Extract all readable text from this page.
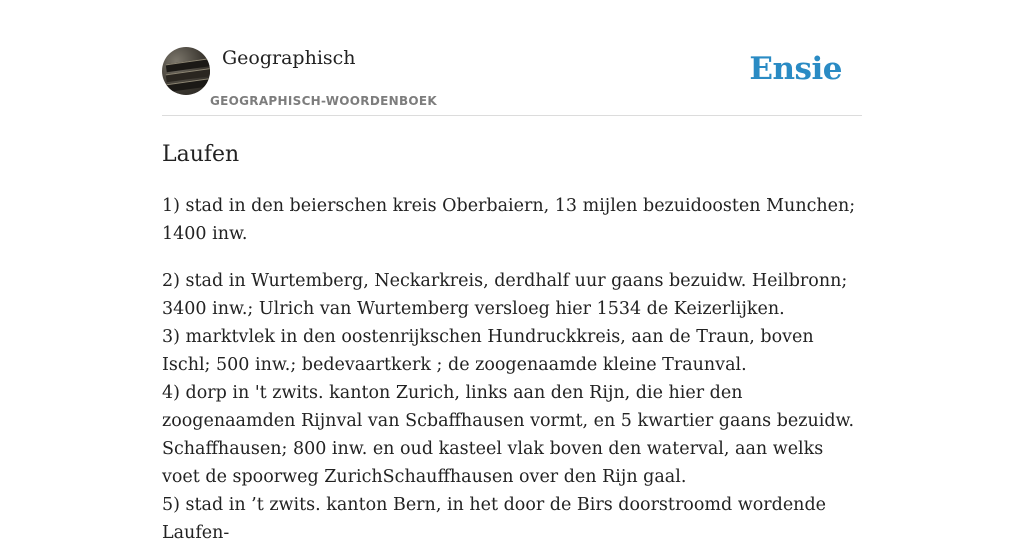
Geographisch
GEOGRAPHISCH-WOORDENBOEK
Ensie
Laufen

1) stad in den beierschen kreis Oberbaiern, 13 mijlen bezuidoosten Munchen; 1400 inw.

2) stad in Wurtemberg, Neckarkreis, derdhalf uur gaans bezuidw. Heilbronn; 3400 inw.; Ulrich van Wurtemberg versloeg hier 1534 de Keizerlijken.

3) marktvlek in den oostenrijkschen Hundruckkreis, aan de Traun, boven Ischl; 500 inw.; bedevaartkerk ; de zoogenaamde kleine Traunval.

4) dorp in 't zwits. kanton Zurich, links aan den Rijn, die hier den zoogenaamden Rijnval van Scbaffhausen vormt, en 5 kwartier gaans bezuidw. Schaffhausen; 800 inw. en oud kasteel vlak boven den waterval, aan welks voet de spoorweg ZurichSchauffhausen over den Rijn gaal.

5) stad in ’t zwits. kanton Bern, in het door de Birs doorstroomd wordende Laufen-
